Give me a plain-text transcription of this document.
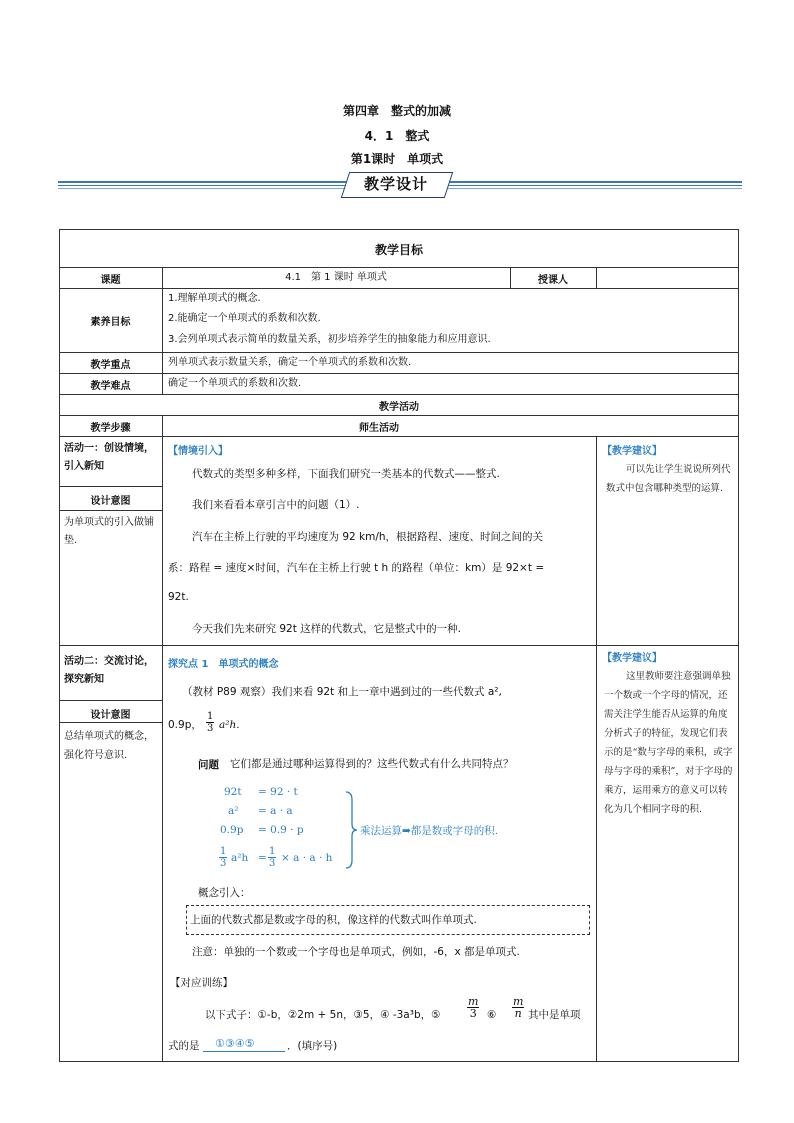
第四章　整式的加减
4．1　整式
第1课时　单项式
教学设计
教学目标
课题	4.1　第 1 课时 单项式	授课人
素养目标
1.理解单项式的概念.
2.能确定一个单项式的系数和次数.
3.会列单项式表示简单的数量关系，初步培养学生的抽象能力和应用意识.
教学重点	列单项式表示数量关系，确定一个单项式的系数和次数.
教学难点	确定一个单项式的系数和次数.
教学活动
教学步骤	师生活动
活动一：创设情境，引入新知
设计意图
为单项式的引入做铺垫.
【情境引入】
代数式的类型多种多样，下面我们研究一类基本的代数式——整式.
我们来看看本章引言中的问题（1）.
汽车在主桥上行驶的平均速度为 92 km/h，根据路程、速度、时间之间的关
系：路程 = 速度×时间，汽车在主桥上行驶 t h 的路程（单位：km）是 92×t =
92t.
今天我们先来研究 92t 这样的代数式，它是整式中的一种.
【教学建议】
可以先让学生说说所列代数式中包含哪种类型的运算.
活动二：交流讨论，探究新知
设计意图
总结单项式的概念，强化符号意识.
探究点 1　单项式的概念
（教材 P89 观察）我们来看 92t 和上一章中遇到过的一些代数式 a²,
0.9p， $\frac{1}{3} a^2h$.
问题 它们都是通过哪种运算得到的？这些代数式有什么共同特点？
92t = 92 · t
a² = a · a
0.9p = 0.9 · p
$\frac{1}{3} a^2h = \frac{1}{3} \times a \cdot a \cdot h$
乘法运算➡都是数或字母的积.
概念引入：
上面的代数式都是数或字母的积，像这样的代数式叫作单项式.
注意：单独的一个数或一个字母也是单项式，例如，-6，x 都是单项式.
【对应训练】
以下式子：①-b，②2m + 5n，③5，④ -3a³b，⑤ $\frac{m}{3}$ ⑥ $\frac{m}{n}$ 其中是单项
式的是 ①③④⑤	．(填序号)
【教学建议】
这里教师要注意强调单独一个数或一个字母的情况，还需关注学生能否从运算的角度分析式子的特征，发现它们表示的是“数与字母的乘积，或字母与字母的乘积”，对于字母的乘方，运用乘方的意义可以转化为几个相同字母的积.
